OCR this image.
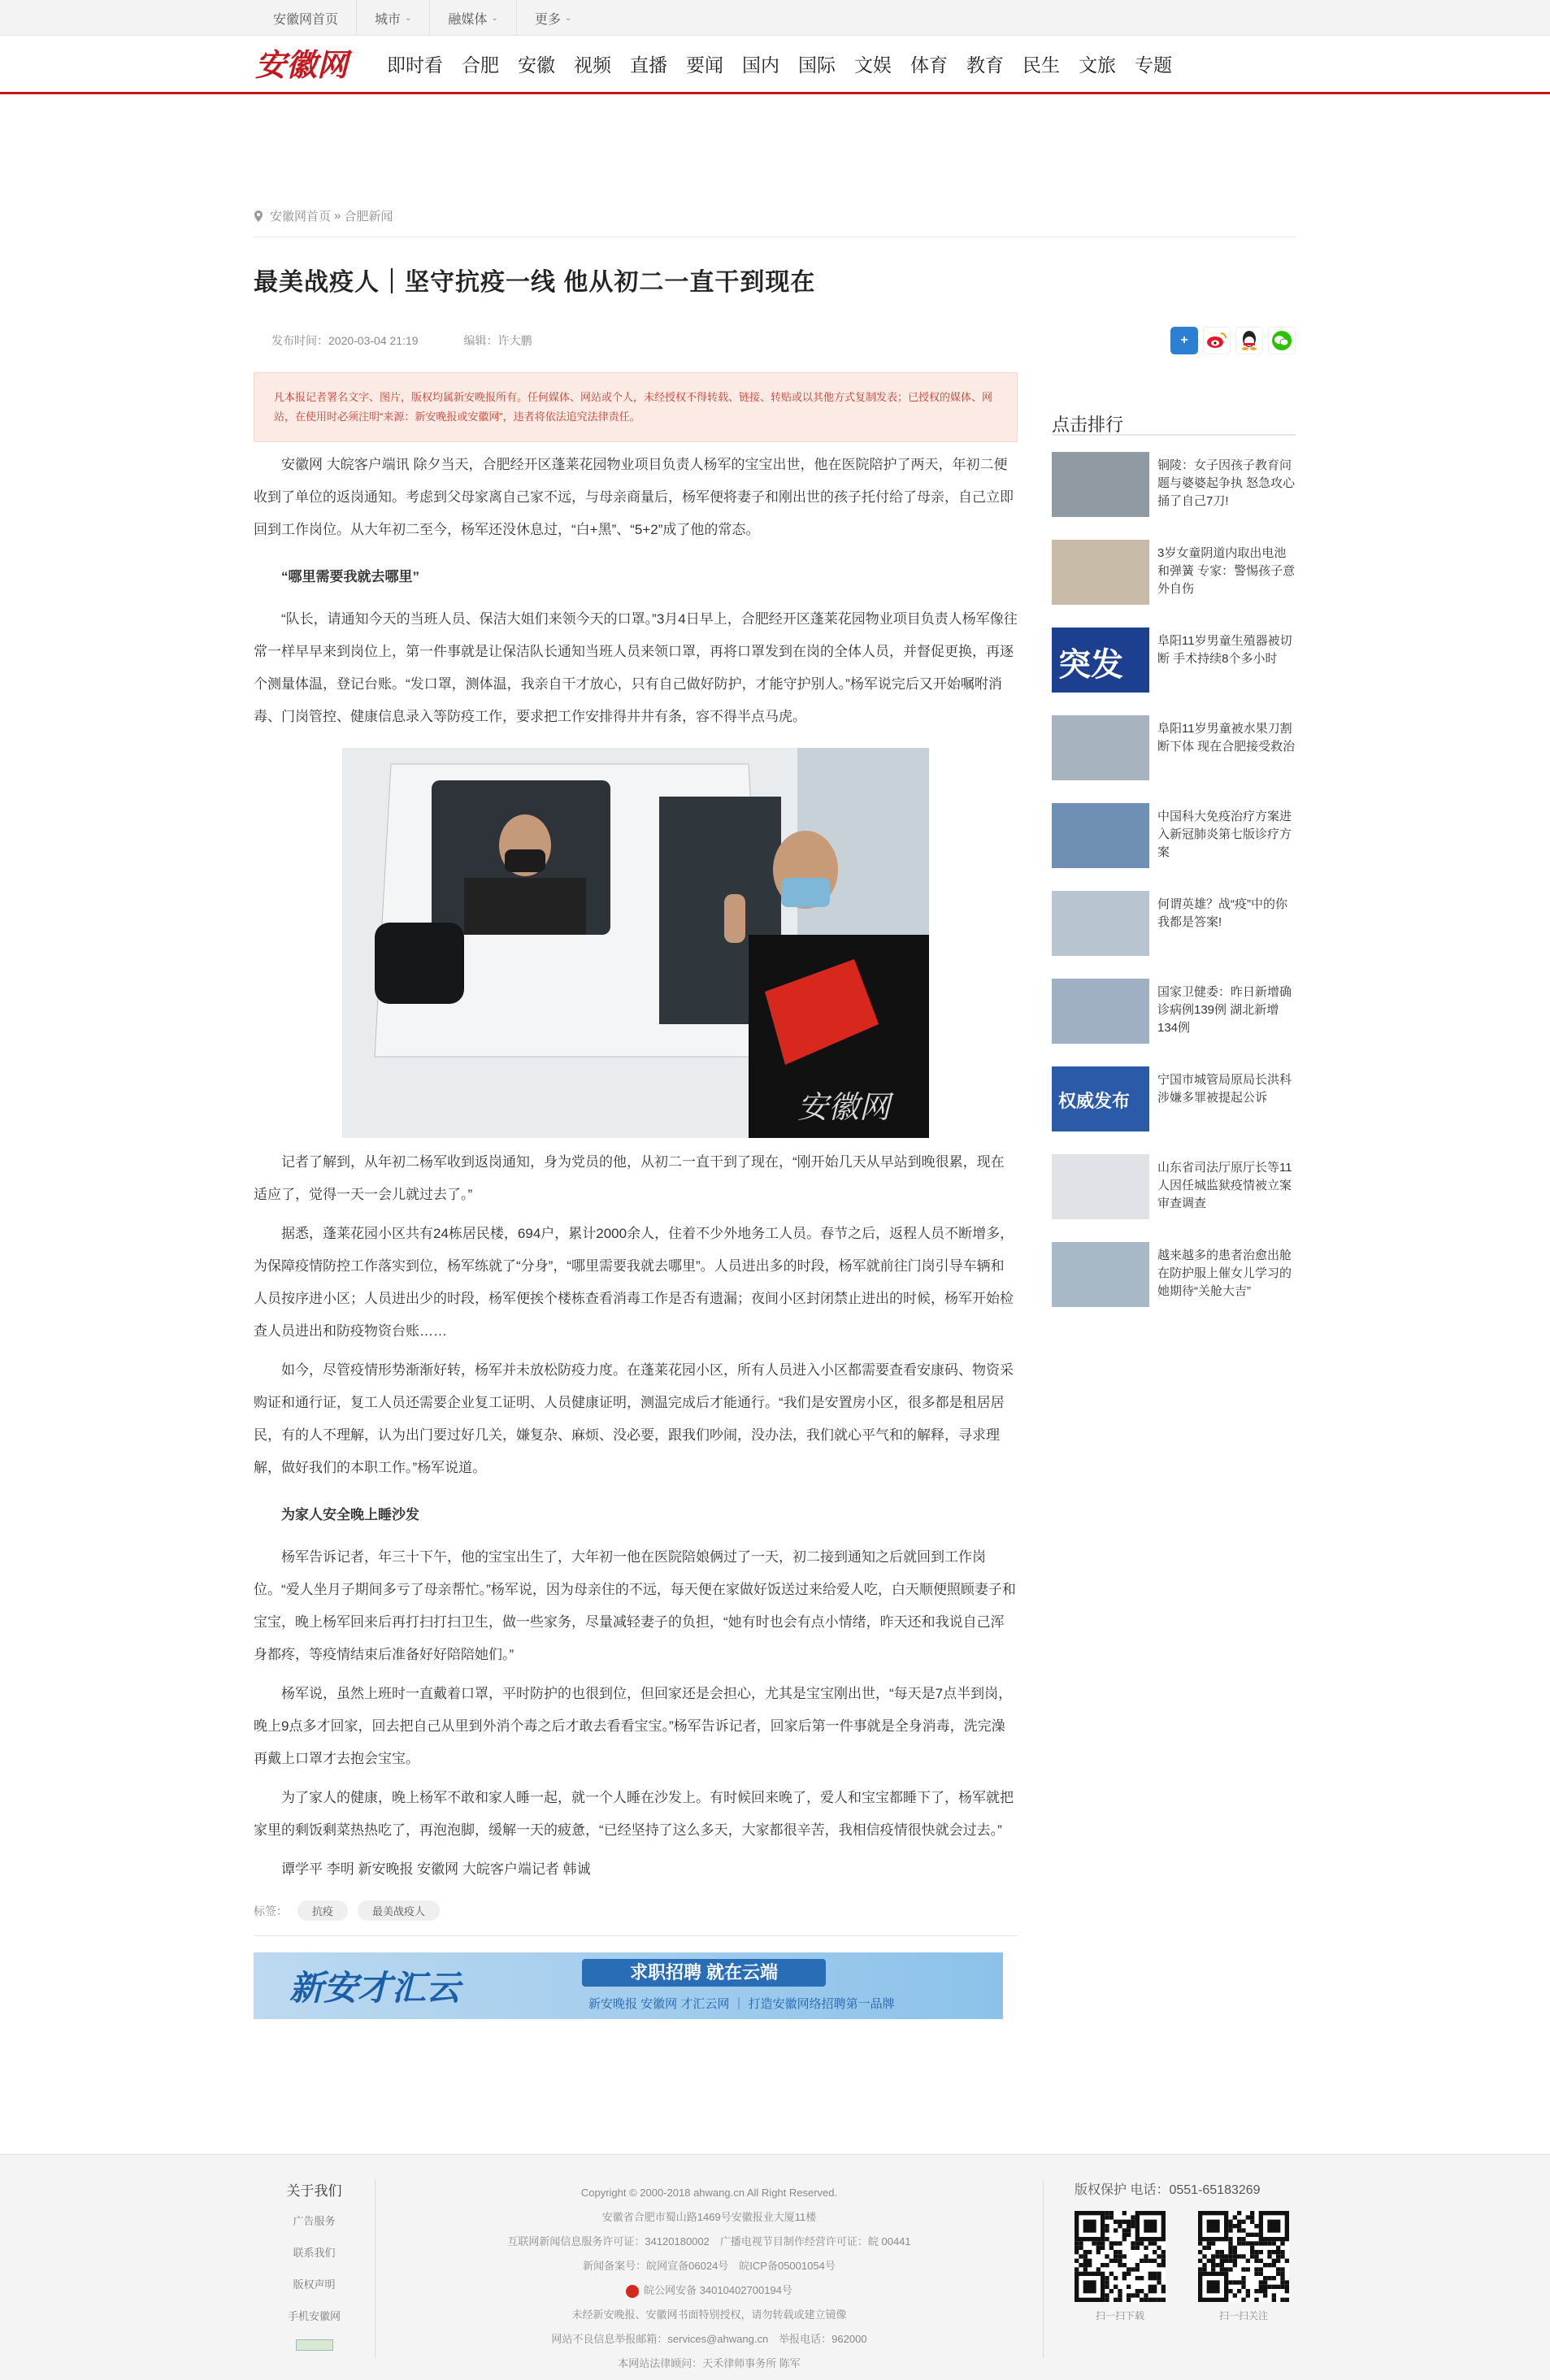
安徽网首页	城市 ⌄	融媒体 ⌄	更多 ⌄
安徽网 即时看 合肥 安徽 视频 直播 要闻 国内 国际 文娱 体育 教育 民生 文旅 专题
安徽网首页 » 合肥新闻
最美战疫人｜坚守抗疫一线 他从初二一直干到现在
发布时间：2020-03-04 21:19	编辑：许大鹏	+
凡本报记者署名文字、图片，版权均属新安晚报所有。任何媒体、网站或个人，未经授权不得转载、链接、转贴或以其他方式复制发表；已授权的媒体、网站，在使用时必须注明“来源：新安晚报或安徽网”，违者将依法追究法律责任。

安徽网 大皖客户端讯 除夕当天，合肥经开区蓬莱花园物业项目负责人杨军的宝宝出世，他在医院陪护了两天，年初二便收到了单位的返岗通知。考虑到父母家离自己家不远，与母亲商量后，杨军便将妻子和刚出世的孩子托付给了母亲，自己立即回到工作岗位。从大年初二至今，杨军还没休息过，“白+黑”、“5+2”成了他的常态。

“哪里需要我就去哪里”

“队长，请通知今天的当班人员、保洁大姐们来领今天的口罩。”3月4日早上，合肥经开区蓬莱花园物业项目负责人杨军像往常一样早早来到岗位上，第一件事就是让保洁队长通知当班人员来领口罩，再将口罩发到在岗的全体人员，并督促更换，再逐个测量体温，登记台账。“发口罩，测体温，我亲自干才放心，只有自己做好防护，才能守护别人。”杨军说完后又开始嘱咐消毒、门岗管控、健康信息录入等防疫工作，要求把工作安排得井井有条，容不得半点马虎。

安徽网

记者了解到，从年初二杨军收到返岗通知，身为党员的他，从初二一直干到了现在，“刚开始几天从早站到晚很累，现在适应了，觉得一天一会儿就过去了。”

据悉，蓬莱花园小区共有24栋居民楼，694户，累计2000余人，住着不少外地务工人员。春节之后，返程人员不断增多，为保障疫情防控工作落实到位，杨军练就了“分身”，“哪里需要我就去哪里”。人员进出多的时段，杨军就前往门岗引导车辆和人员按序进小区；人员进出少的时段，杨军便挨个楼栋查看消毒工作是否有遗漏；夜间小区封闭禁止进出的时候，杨军开始检查人员进出和防疫物资台账……

如今，尽管疫情形势渐渐好转，杨军并未放松防疫力度。在蓬莱花园小区，所有人员进入小区都需要查看安康码、物资采购证和通行证，复工人员还需要企业复工证明、人员健康证明，测温完成后才能通行。“我们是安置房小区，很多都是租居居民，有的人不理解，认为出门要过好几关，嫌复杂、麻烦、没必要，跟我们吵闹，没办法，我们就心平气和的解释，寻求理解，做好我们的本职工作。”杨军说道。

为家人安全晚上睡沙发

杨军告诉记者，年三十下午，他的宝宝出生了，大年初一他在医院陪娘俩过了一天，初二接到通知之后就回到工作岗位。“爱人坐月子期间多亏了母亲帮忙。”杨军说，因为母亲住的不远，每天便在家做好饭送过来给爱人吃，白天顺便照顾妻子和宝宝，晚上杨军回来后再打扫打扫卫生，做一些家务，尽量减轻妻子的负担，“她有时也会有点小情绪，昨天还和我说自己浑身都疼，等疫情结束后准备好好陪陪她们。”

杨军说，虽然上班时一直戴着口罩，平时防护的也很到位，但回家还是会担心，尤其是宝宝刚出世，“每天是7点半到岗，晚上9点多才回家，回去把自己从里到外消个毒之后才敢去看看宝宝。”杨军告诉记者，回家后第一件事就是全身消毒，洗完澡再戴上口罩才去抱会宝宝。

为了家人的健康，晚上杨军不敢和家人睡一起，就一个人睡在沙发上。有时候回来晚了，爱人和宝宝都睡下了，杨军就把家里的剩饭剩菜热热吃了，再泡泡脚，缓解一天的疲惫，“已经坚持了这么多天，大家都很辛苦，我相信疫情很快就会过去。”

谭学平 李明 新安晚报 安徽网 大皖客户端记者 韩诚

标签：	抗疫	最美战疫人
新安才汇云	求职招聘 就在云端
新安晚报 安徽网 才汇云网 ｜ 打造安徽网络招聘第一品牌
点击排行
铜陵：女子因孩子教育问题与婆婆起争执 怒急攻心捅了自己7刀!
3岁女童阴道内取出电池和弹簧 专家：警惕孩子意外自伤
突发
阜阳11岁男童生殖器被切断 手术持续8个多小时
阜阳11岁男童被水果刀割断下体 现在合肥接受救治
中国科大免疫治疗方案进入新冠肺炎第七版诊疗方案
何谓英雄？战“疫”中的你我都是答案!
国家卫健委：昨日新增确诊病例139例 湖北新增134例
权威发布
宁国市城管局原局长洪科涉嫌多罪被提起公诉
山东省司法厅原厅长等11人因任城监狱疫情被立案审查调查
越来越多的患者治愈出舱 在防护服上催女儿学习的她期待“关舱大吉”
关于我们
广告服务
联系我们
版权声明
手机安徽网
Copyright © 2000-2018 ahwang.cn All Right Reserved.
安徽省合肥市蜀山路1469号安徽报业大厦11楼
互联网新闻信息服务许可证：34120180002　广播电视节目制作经营许可证：皖 00441
新闻备案号：皖网宣备06024号　皖ICP备05001054号
皖公网安备 34010402700194号
未经新安晚报、安徽网书面特别授权，请勿转载或建立镜像
网站不良信息举报邮箱：services@ahwang.cn　举报电话：962000
本网站法律顾问：天禾律师事务所 陈军
版权保护 电话：0551-65183269
扫一扫下载	扫一扫关注
